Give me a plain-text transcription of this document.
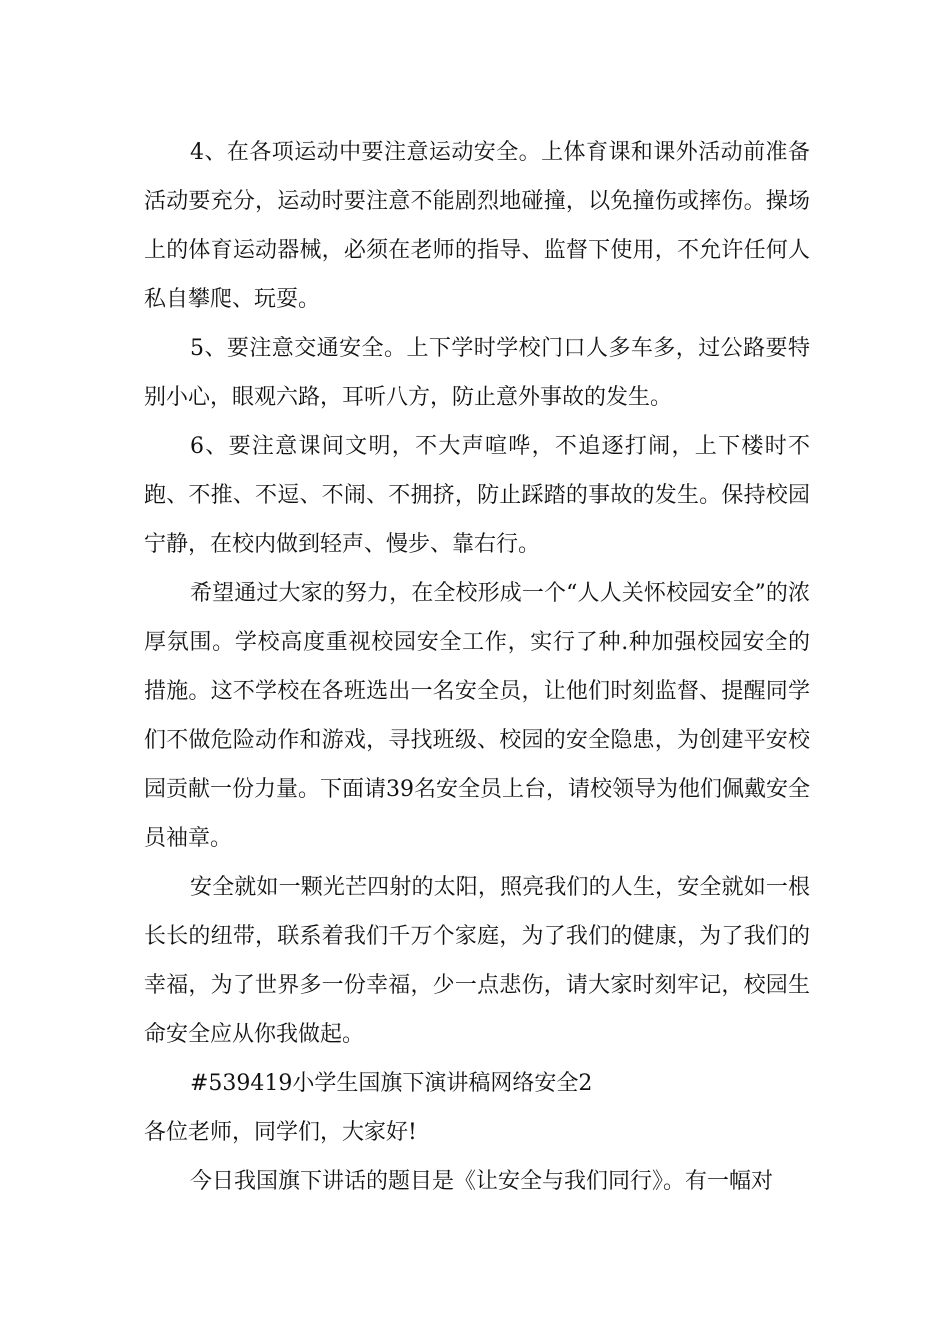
4、在各项运动中要注意运动安全。上体育课和课外活动前准备活动要充分，运动时要注意不能剧烈地碰撞，以免撞伤或摔伤。操场上的体育运动器械，必须在老师的指导、监督下使用，不允许任何人私自攀爬、玩耍。

5、要注意交通安全。上下学时学校门口人多车多，过公路要特别小心，眼观六路，耳听八方，防止意外事故的发生。

6、要注意课间文明，不大声喧哗，不追逐打闹，上下楼时不跑、不推、不逗、不闹、不拥挤，防止踩踏的事故的发生。保持校园宁静，在校内做到轻声、慢步、靠右行。

希望通过大家的努力，在全校形成一个“人人关怀校园安全”的浓厚氛围。学校高度重视校园安全工作，实行了种.种加强校园安全的措施。这不学校在各班选出一名安全员，让他们时刻监督、提醒同学们不做危险动作和游戏，寻找班级、校园的安全隐患，为创建平安校园贡献一份力量。下面请39名安全员上台，请校领导为他们佩戴安全员袖章。

安全就如一颗光芒四射的太阳，照亮我们的人生，安全就如一根长长的纽带，联系着我们千万个家庭，为了我们的健康，为了我们的幸福，为了世界多一份幸福，少一点悲伤，请大家时刻牢记，校园生命安全应从你我做起。

#539419小学生国旗下演讲稿网络安全2

各位老师，同学们，大家好!

今日我国旗下讲话的题目是《让安全与我们同行》。有一幅对
